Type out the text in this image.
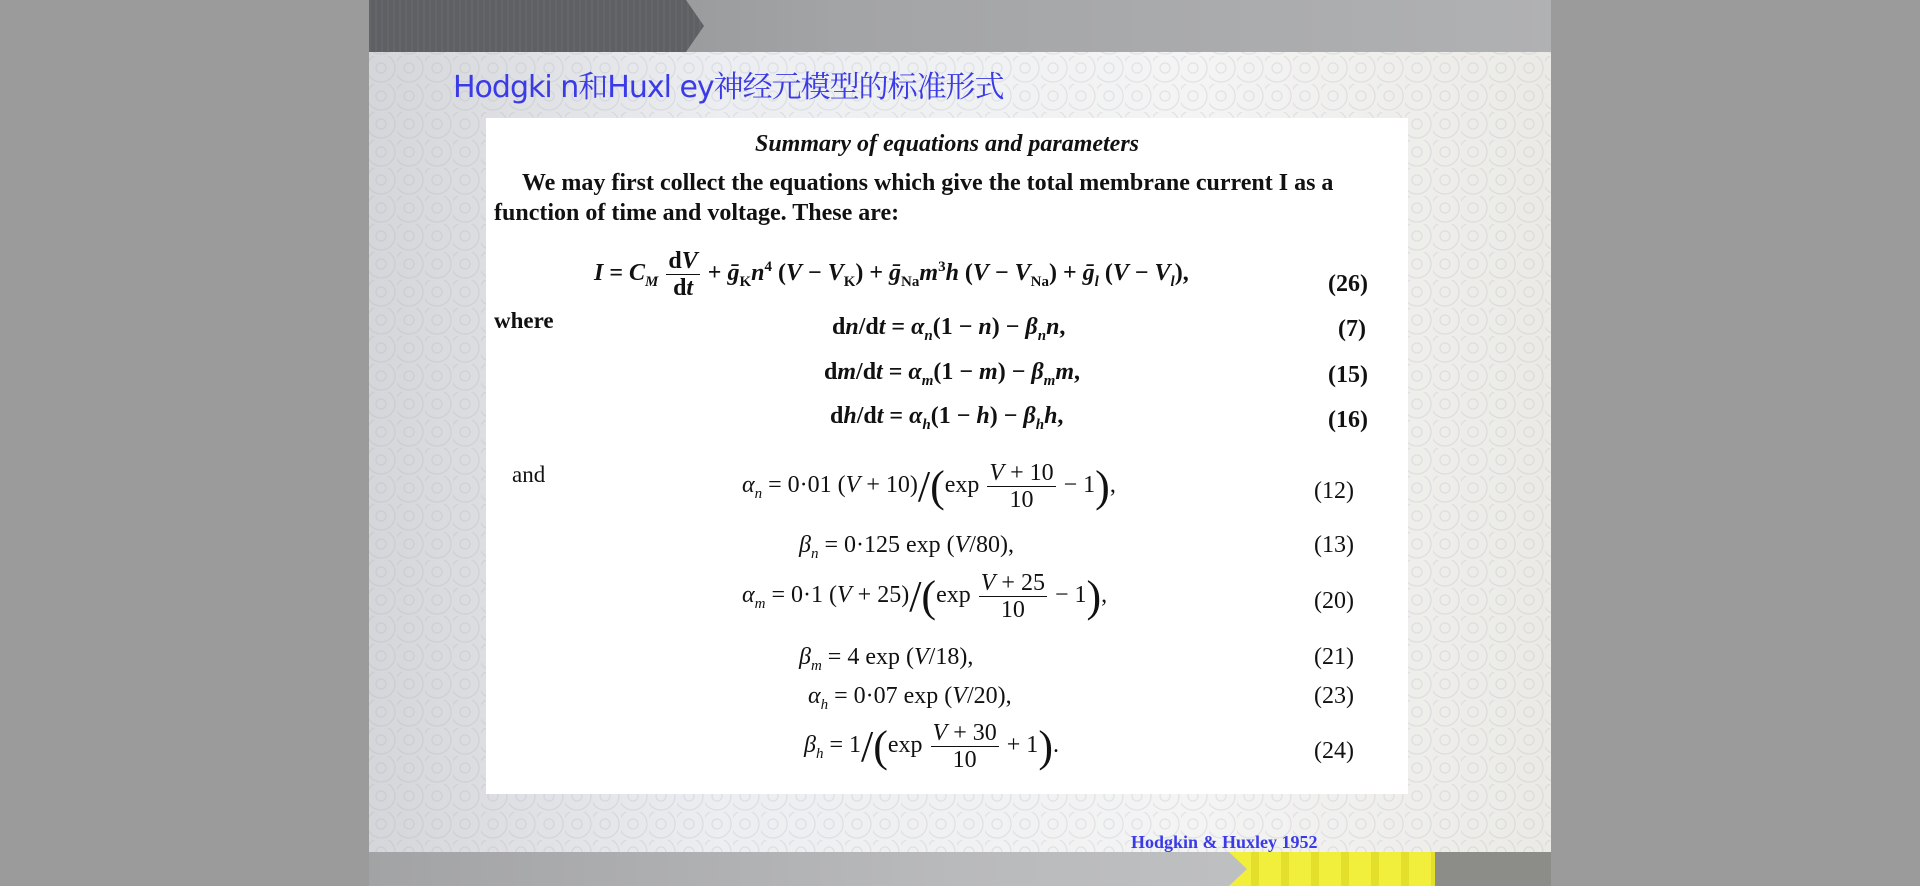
Hodgki n和Huxl ey神经元模型的标准形式
Summary of equations and parameters
We may first collect the equations which give the total membrane current I as a function of time and voltage. These are:
$I = C_M \frac{dV}{dt}$ + $ḡ_Kn^4$ $(V - V_K)$ + $ḡ_{Na}m^3h$ $(V - V_{Na})$ + ḡ$_l$ $(V - V_l)$,	(26)
where	$dn/dt = \alpha_n(1 - n) - \beta_nn$,	(7)
$dm/dt = \alpha_m(1 - m) - \beta_mm$,	(15)
$dh/dt = \alpha_h(1 - h) - \beta_hh$,	(16)
and	$\alpha_n = 0\cdot 01$ $(V + 10)/(\exp \frac{V + 10}{10} - 1)$,	(12)
$\beta_n = 0\cdot 125$ exp (V/80),	(13)
$\alpha_m = 0\cdot 1$ $(V + 25)/(\exp \frac{V + 25}{10} - 1)$,	(20)
$\beta_m = 4$ exp (V/18),	(21)
$\alpha_h = 0\cdot 07$ exp (V/20),	(23)
$\beta_h = 1/(\exp \frac{V + 30}{10} + 1)$.	(24)
Hodgkin & Huxley 1952
